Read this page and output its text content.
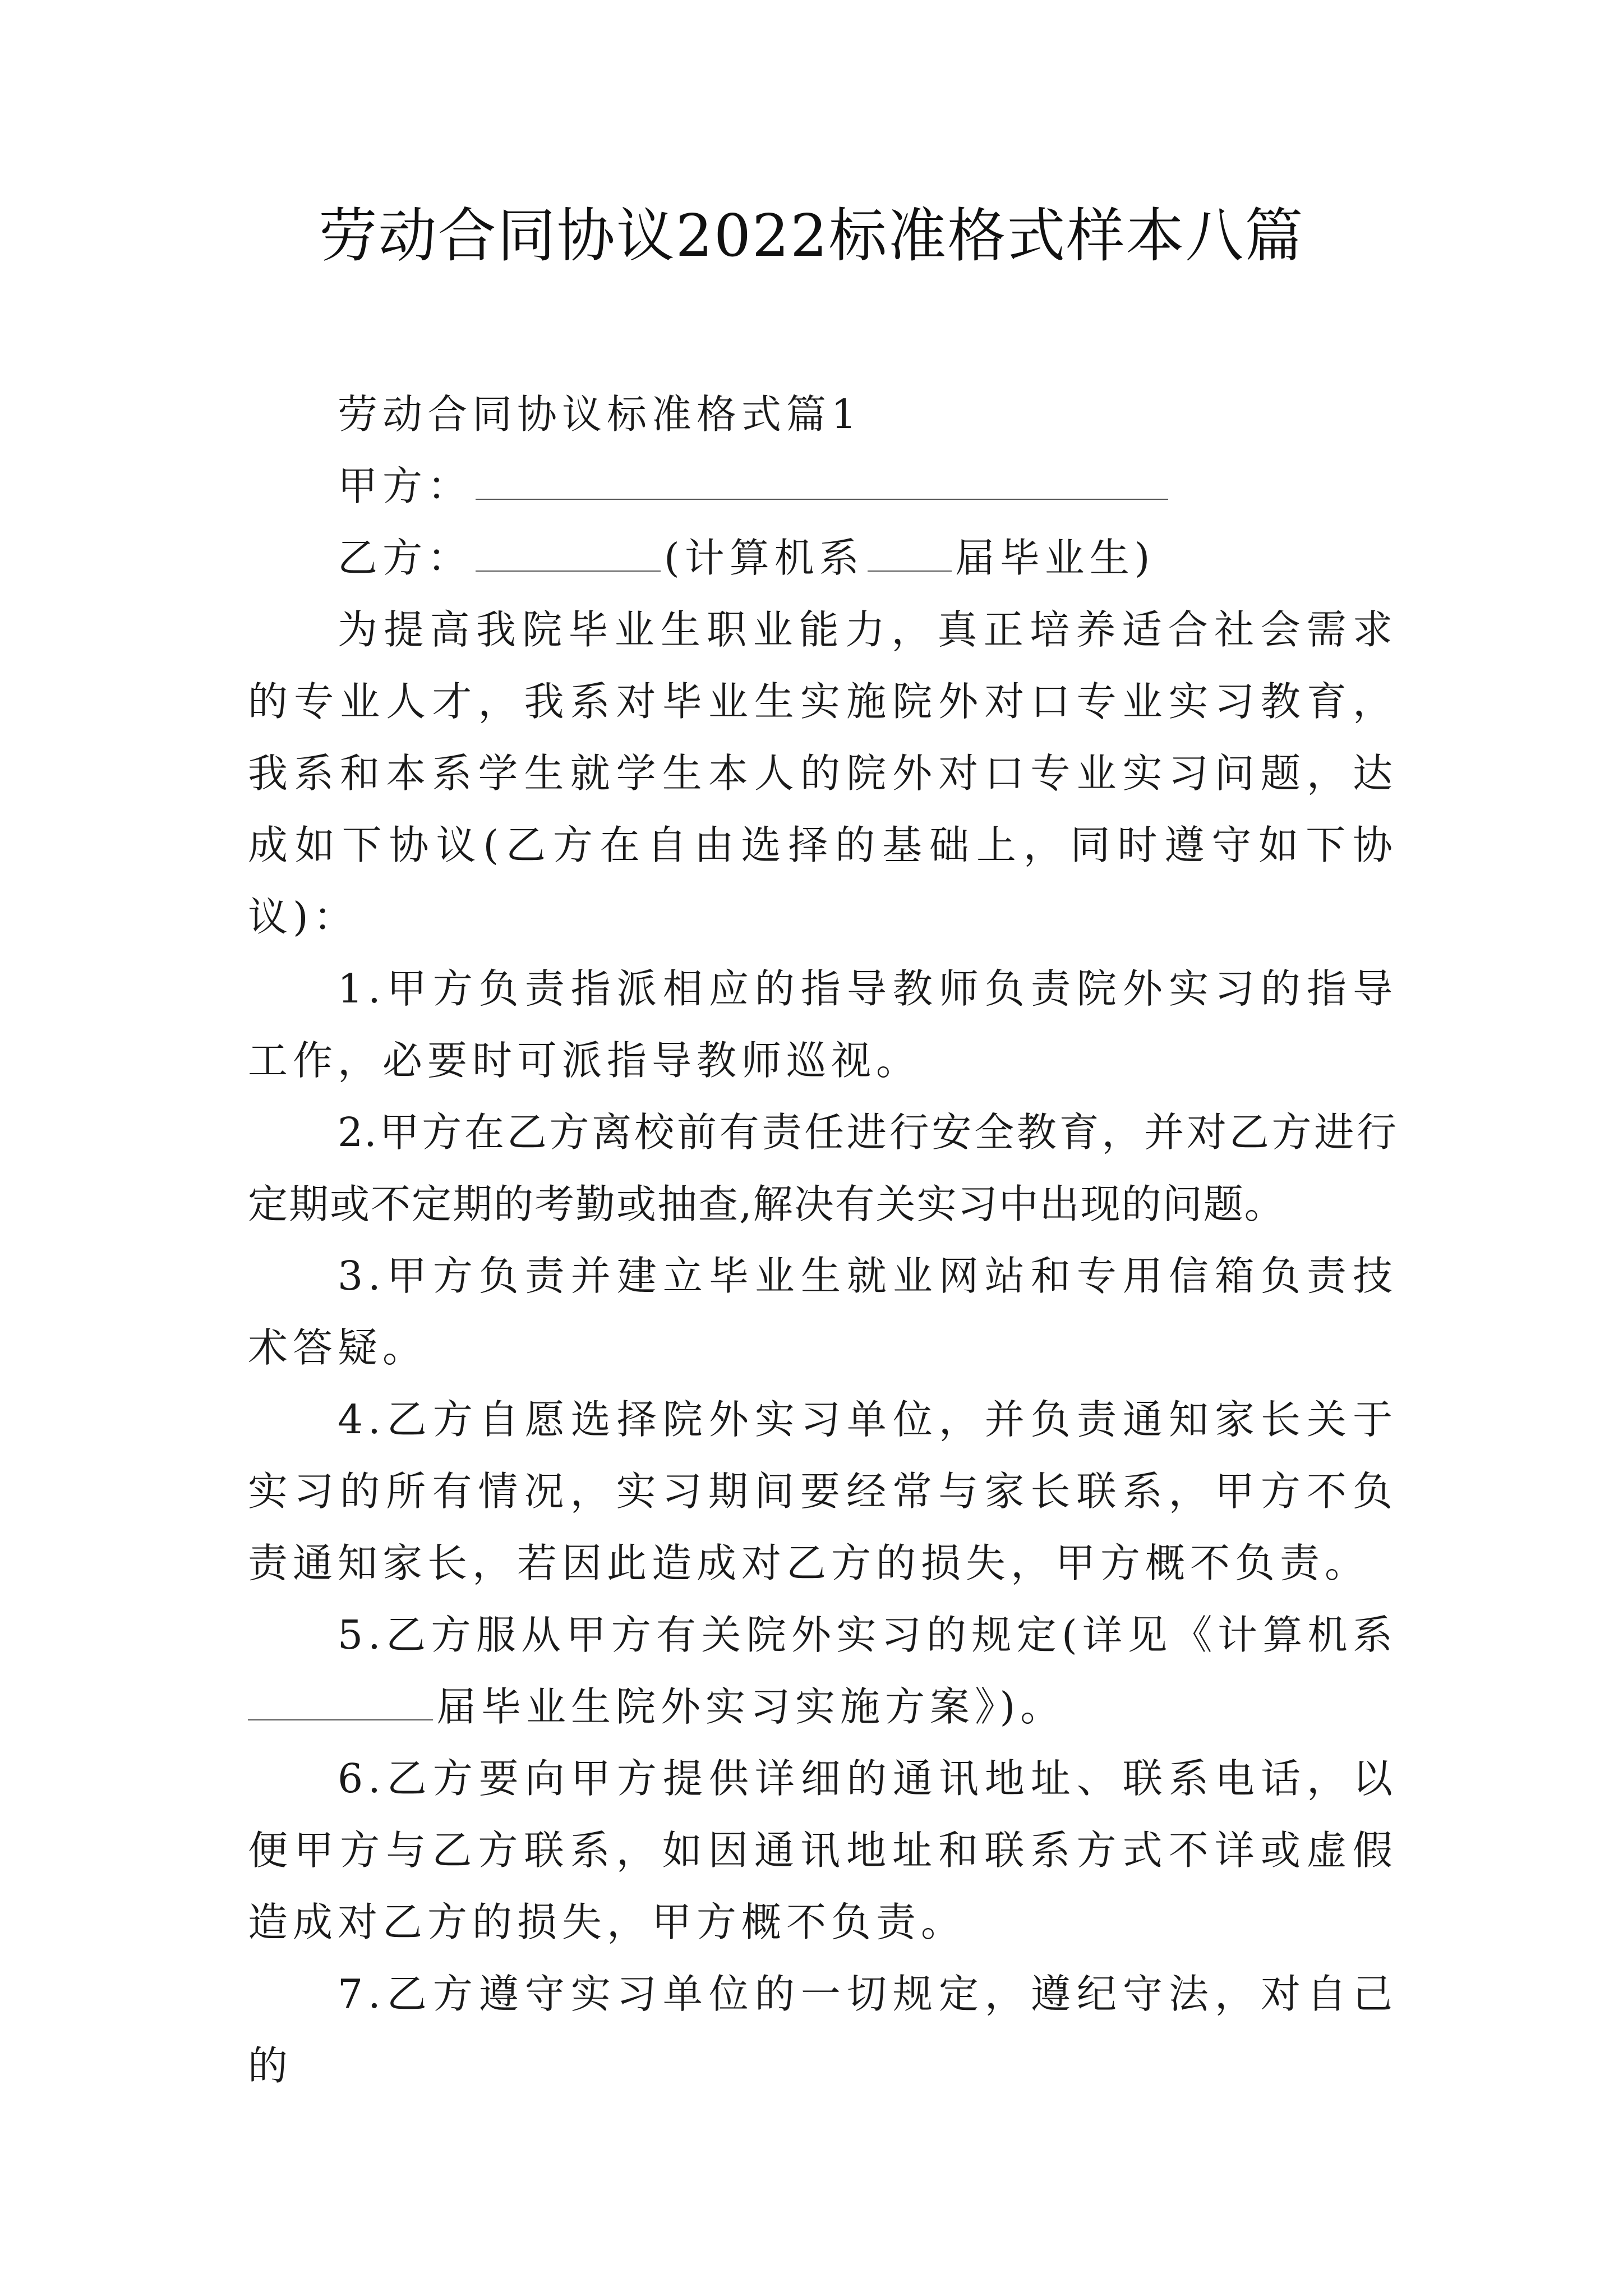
劳动合同协议2022标准格式样本八篇

劳动合同协议标准格式篇1

甲方：

乙方：	(计算机系 届毕业生)

为提高我院毕业生职业能力，真正培养适合社会需求的专业人才，我系对毕业生实施院外对口专业实习教育，我系和本系学生就学生本人的院外对口专业实习问题，达成如下协议(乙方在自由选择的基础上，同时遵守如下协议)：

1.甲方负责指派相应的指导教师负责院外实习的指导工作，必要时可派指导教师巡视。

2.甲方在乙方离校前有责任进行安全教育，并对乙方进行定期或不定期的考勤或抽查,解决有关实习中出现的问题。

3.甲方负责并建立毕业生就业网站和专用信箱负责技术答疑。

4.乙方自愿选择院外实习单位，并负责通知家长关于实习的所有情况，实习期间要经常与家长联系，甲方不负责通知家长，若因此造成对乙方的损失，甲方概不负责。

5.乙方服从甲方有关院外实习的规定(详见《计算机系届毕业生院外实习实施方案》)。

6.乙方要向甲方提供详细的通讯地址、联系电话，以便甲方与乙方联系，如因通讯地址和联系方式不详或虚假造成对乙方的损失，甲方概不负责。

7.乙方遵守实习单位的一切规定，遵纪守法，对自己的
